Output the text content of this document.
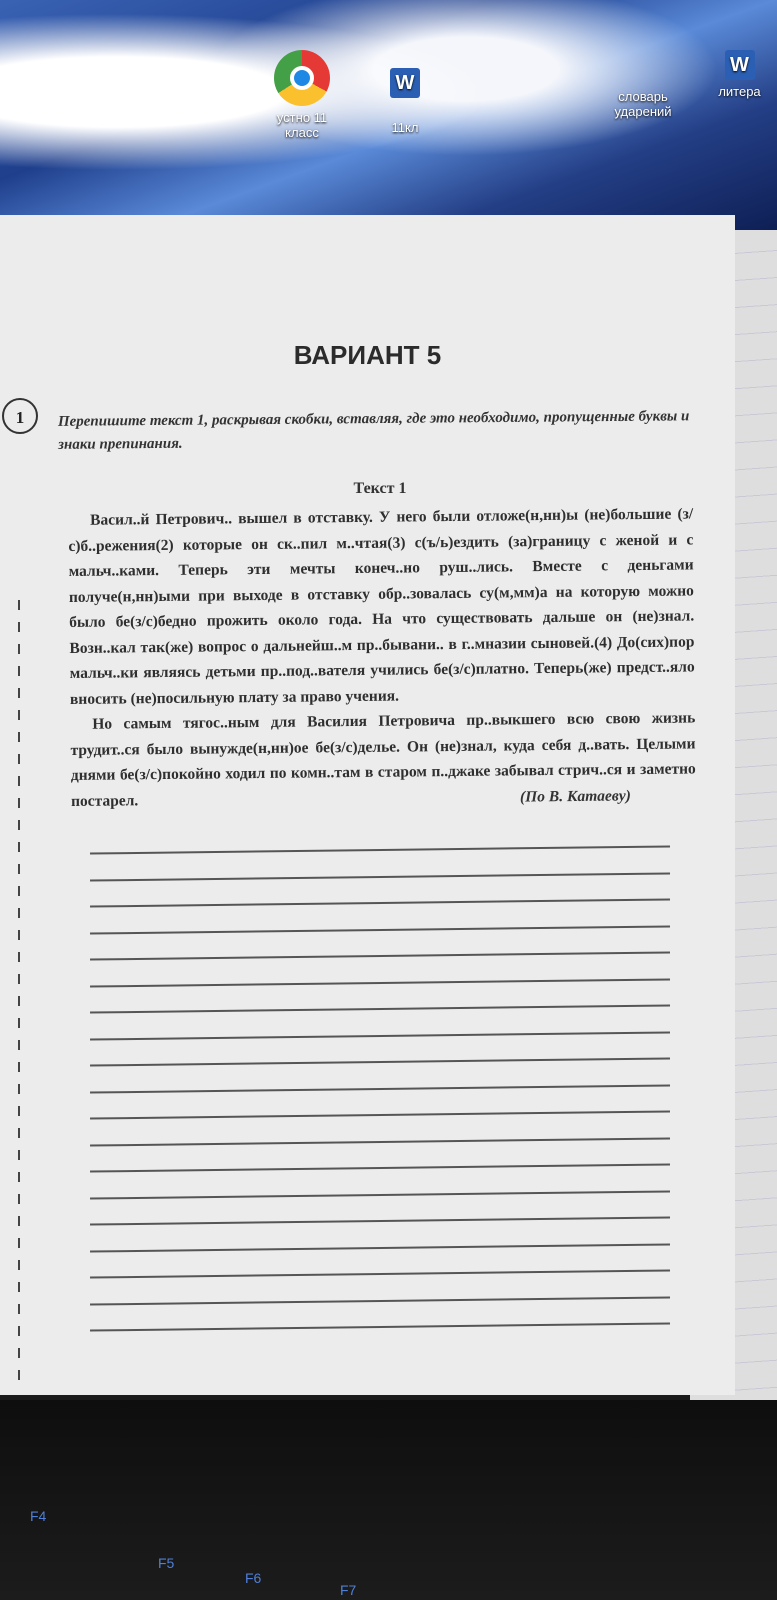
устно 11 класс
W
11кл
словарь ударений
W
литера
ВАРИАНТ 5
1	Перепишите текст 1, раскрывая скобки, вставляя, где это необходимо, пропущенные буквы и знаки препинания.
Текст 1

Васил..й Петрович.. вышел в отставку. У него были отложе(н,нн)ы (не)большие (з/с)б..режения(2) которые он ск..пил м..чтая(3) с(ъ/ь)ездить (за)границу с женой и с мальч..ками. Теперь эти мечты конеч..но руш..лись. Вместе с деньгами получе(н,нн)ыми при выходе в отставку обр..зовалась су(м,мм)а на которую можно было бе(з/с)бедно прожить около года. На что существовать дальше он (не)знал. Возн..кал так(же) вопрос о дальнейш..м пр..бывани.. в г..мназии сыновей.(4) До(сих)пор мальч..ки являясь детьми пр..под..вателя учились бе(з/с)платно. Теперь(же) предст..яло вносить (не)посильную плату за право учения.

Но самым тягос..ным для Василия Петровича пр..выкшего всю свою жизнь трудит..ся было вынужде(н,нн)ое бе(з/с)делье. Он (не)знал, куда себя д..вать. Целыми днями бе(з/с)покойно ходил по комн..там в старом п..джаке забывал стрич..ся и заметно постарел.	(По В. Катаеву)
F4
F5
F6
F7
